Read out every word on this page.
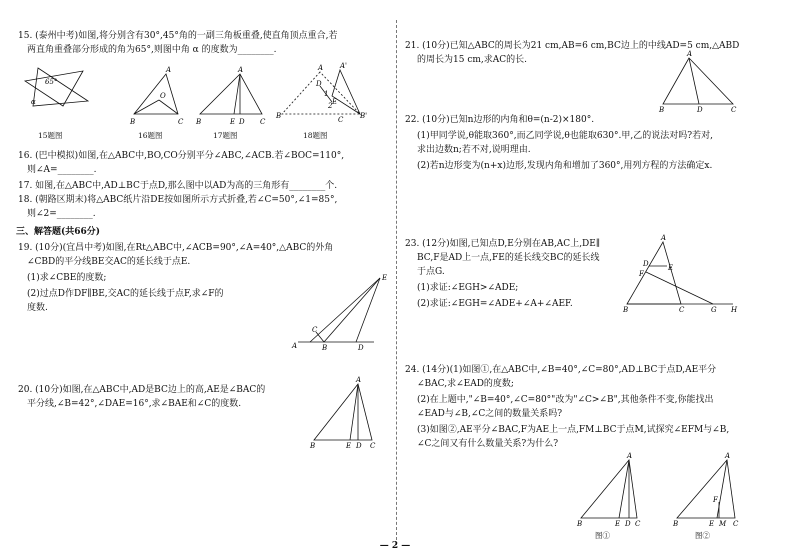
15. (泰州中考)如图,将分别含有30°,45°角的一副三角板重叠,使直角顶点重合,若
两直角重叠部分形成的角为65°,则图中角 α 的度数为________.
65°
α
15题图
A
B	C
O
16题图
A
B	E D C
17题图
A A'
D
1
2 E
B	B'
C
18题图
16. (巴中模拟)如图,在△ABC中,BO,CO分别平分∠ABC,∠ACB.若∠BOC=110°,
则∠A=________.
17. 如图,在△ABC中,AD⊥BC于点D,那么图中以AD为高的三角形有________个.
18. (朝路区期末)将△ABC纸片沿DE按如图所示方式折叠,若∠C=50°,∠1=85°,
则∠2=________.
三、解答题(共66分)
19. (10分)(宜昌中考)如图,在Rt△ABC中,∠ACB=90°,∠A=40°,△ABC的外角
∠CBD的平分线BE交AC的延长线于点E.
(1)求∠CBE的度数;
(2)过点D作DF∥BE,交AC的延长线于点F,求∠F的
度数.
A	B	D
C
E
20. (10分)如图,在△ABC中,AD是BC边上的高,AE是∠BAC的
平分线,∠B=42°,∠DAE=16°,求∠BAE和∠C的度数.
A
B	E D C
21. (10分)已知△ABC的周长为21 cm,AB=6 cm,BC边上的中线AD=5 cm,△ABD
的周长为15 cm,求AC的长.
A
B	D	C
22. (10分)已知n边形的内角和θ=(n-2)×180°.
(1)甲同学说,θ能取360°,而乙同学说,θ也能取630°.甲,乙的说法对吗?若对,
求出边数n;若不对,说明理由.
(2)若n边形变为(n+x)边形,发现内角和增加了360°,用列方程的方法确定x.
23. (12分)如图,已知点D,E分别在AB,AC上,DE∥
BC,F是AD上一点,FE的延长线交BC的延长线
于点G.
(1)求证:∠EGH>∠ADE;
(2)求证:∠EGH=∠ADE+∠A+∠AEF.
A
D	E
F
B	C	G H
24. (14分)(1)如图①,在△ABC中,∠B=40°,∠C=80°,AD⊥BC于点D,AE平分
∠BAC,求∠EAD的度数;
(2)在上题中,"∠B=40°,∠C=80°"改为"∠C>∠B",其他条件不变,你能找出
∠EAD与∠B,∠C之间的数量关系吗?
(3)如图②,AE平分∠BAC,F为AE上一点,FM⊥BC于点M,试探究∠EFM与∠B,
∠C之间又有什么数量关系?为什么?
A
B	E D C
图①
A
F
B	E M C
图②
— 2 —
